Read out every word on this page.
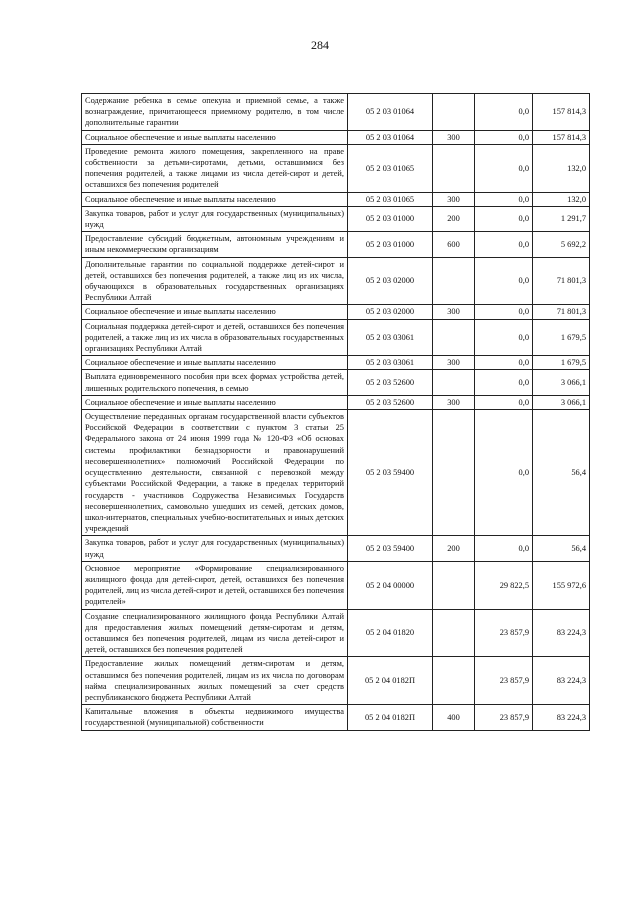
284
Содержание ребенка в семье опекуна и приемной семье, а также вознаграждение, причитающееся приемному родителю, в том числе дополнительные гарантии	05 2 03 01064		0,0	157 814,3
Социальное обеспечение и иные выплаты населению	05 2 03 01064	300	0,0	157 814,3
Проведение ремонта жилого помещения, закрепленного на праве собственности за детьми-сиротами, детьми, оставшимися без попечения родителей, а также лицами из числа детей-сирот и детей, оставшихся без попечения родителей	05 2 03 01065		0,0	132,0
Социальное обеспечение и иные выплаты населению	05 2 03 01065	300	0,0	132,0
Закупка товаров, работ и услуг для государственных (муниципальных) нужд	05 2 03 01000	200	0,0	1 291,7
Предоставление субсидий бюджетным, автономным учреждениям и иным некоммерческим организациям	05 2 03 01000	600	0,0	5 692,2
Дополнительные гарантии по социальной поддержке детей-сирот и детей, оставшихся без попечения родителей, а также лиц из их числа, обучающихся в образовательных государственных организациях Республики Алтай	05 2 03 02000		0,0	71 801,3
Социальное обеспечение и иные выплаты населению	05 2 03 02000	300	0,0	71 801,3
Социальная поддержка детей-сирот и детей, оставшихся без попечения родителей, а также лиц из их числа в образовательных государственных организациях Республики Алтай	05 2 03 03061		0,0	1 679,5
Социальное обеспечение и иные выплаты населению	05 2 03 03061	300	0,0	1 679,5
Выплата единовременного пособия при всех формах устройства детей, лишенных родительского попечения, в семью	05 2 03 52600		0,0	3 066,1
Социальное обеспечение и иные выплаты населению	05 2 03 52600	300	0,0	3 066,1
Осуществление переданных органам государственной власти субъектов Российской Федерации в соответствии с пунктом 3 статьи 25 Федерального закона от 24 июня 1999 года № 120-ФЗ «Об основах системы профилактики безнадзорности и правонарушений несовершеннолетних» полномочий Российской Федерации по осуществлению деятельности, связанной с перевозкой между субъектами Российской Федерации, а также в пределах территорий государств - участников Содружества Независимых Государств несовершеннолетних, самовольно ушедших из семей, детских домов, школ-интернатов, специальных учебно-воспитательных и иных детских учреждений	05 2 03 59400		0,0	56,4
Закупка товаров, работ и услуг для государственных (муниципальных) нужд	05 2 03 59400	200	0,0	56,4
Основное мероприятие «Формирование специализированного жилищного фонда для детей-сирот, детей, оставшихся без попечения родителей, лиц из числа детей-сирот и детей, оставшихся без попечения родителей»	05 2 04 00000		29 822,5	155 972,6
Создание специализированного жилищного фонда Республики Алтай для предоставления жилых помещений детям-сиротам и детям, оставшимся без попечения родителей, лицам из числа детей-сирот и детей, оставшихся без попечения родителей	05 2 04 01820		23 857,9	83 224,3
Предоставление жилых помещений детям-сиротам и детям, оставшимся без попечения родителей, лицам из их числа по договорам найма специализированных жилых помещений за счет средств республиканского бюджета Республики Алтай	05 2 04 0182П		23 857,9	83 224,3
Капитальные вложения в объекты недвижимого имущества государственной (муниципальной) собственности	05 2 04 0182П	400	23 857,9	83 224,3
